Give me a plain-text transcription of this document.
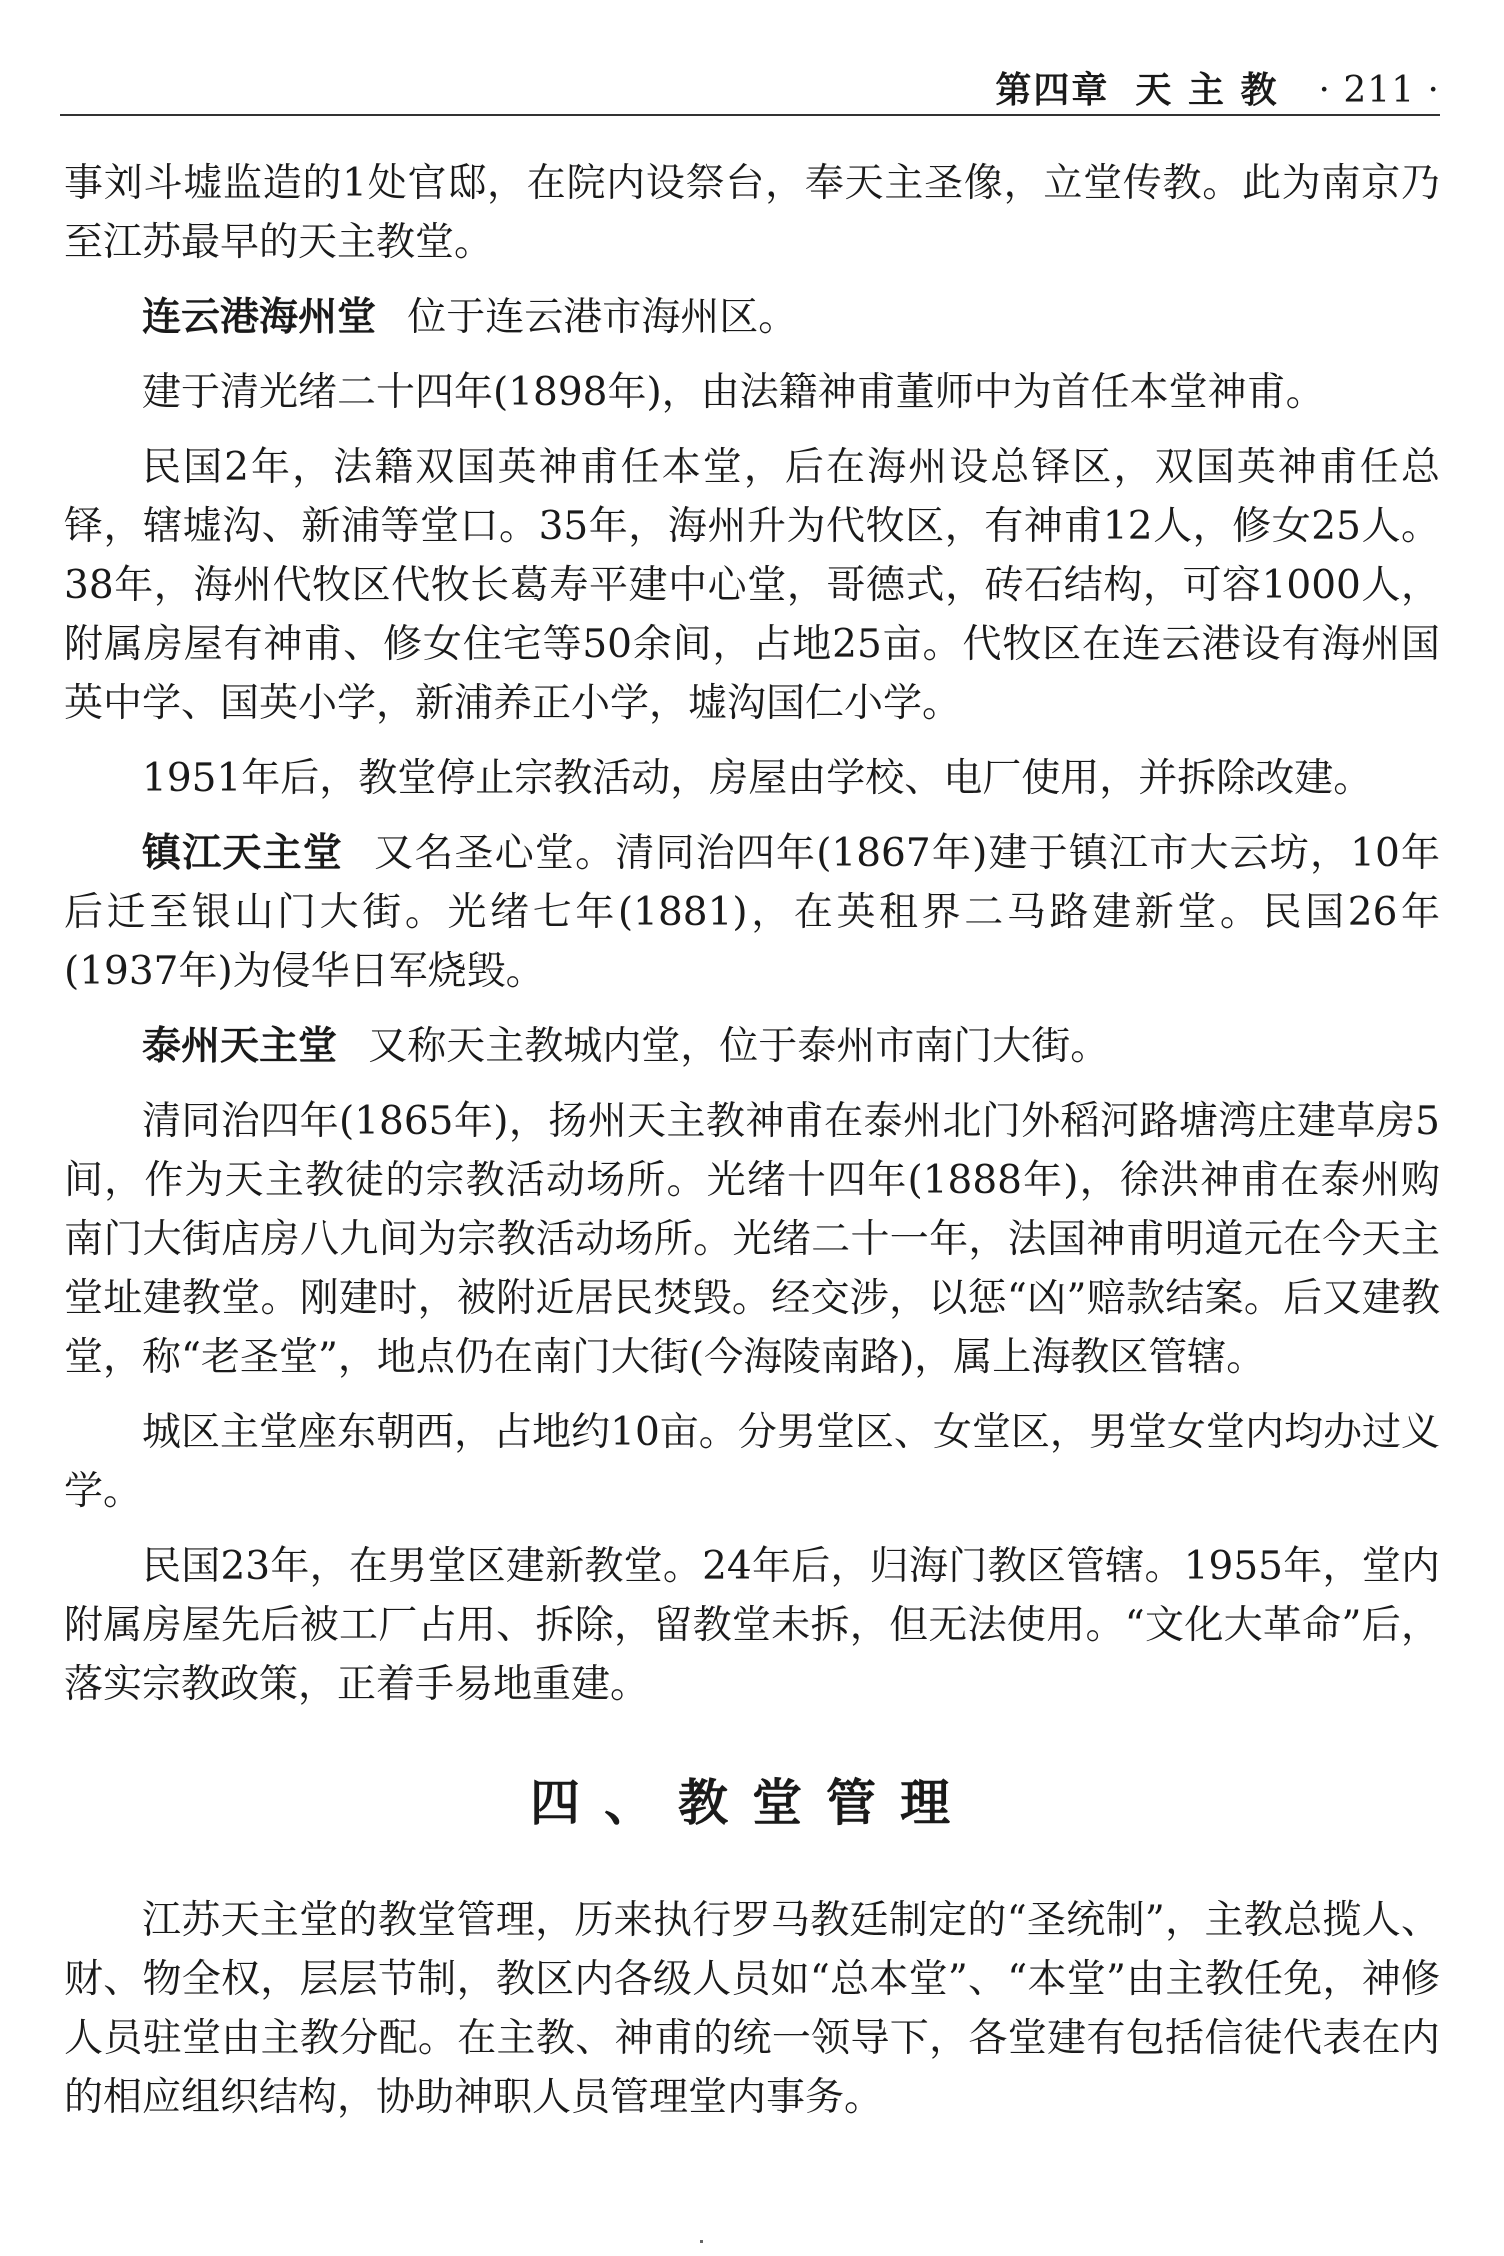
第四章 天 主 教 · 211 ·

事刘斗墟监造的1处官邸，在院内设祭台，奉天主圣像，立堂传教。此为南京乃至江苏最早的天主教堂。

连云港海州堂 位于连云港市海州区。

建于清光绪二十四年(1898年)，由法籍神甫董师中为首任本堂神甫。

民国2年，法籍双国英神甫任本堂，后在海州设总铎区，双国英神甫任总铎，辖墟沟、新浦等堂口。35年，海州升为代牧区，有神甫12人，修女25人。38年，海州代牧区代牧长葛寿平建中心堂，哥德式，砖石结构，可容1000人，附属房屋有神甫、修女住宅等50余间，占地25亩。代牧区在连云港设有海州国英中学、国英小学，新浦养正小学，墟沟国仁小学。

1951年后，教堂停止宗教活动，房屋由学校、电厂使用，并拆除改建。

镇江天主堂 又名圣心堂。清同治四年(1867年)建于镇江市大云坊，10年后迁至银山门大街。光绪七年(1881)，在英租界二马路建新堂。民国26年(1937年)为侵华日军烧毁。

泰州天主堂 又称天主教城内堂，位于泰州市南门大街。

清同治四年(1865年)，扬州天主教神甫在泰州北门外稻河路塘湾庄建草房5间，作为天主教徒的宗教活动场所。光绪十四年(1888年)，徐洪神甫在泰州购南门大街店房八九间为宗教活动场所。光绪二十一年，法国神甫明道元在今天主堂址建教堂。刚建时，被附近居民焚毁。经交涉，以惩“凶”赔款结案。后又建教堂，称“老圣堂”，地点仍在南门大街(今海陵南路)，属上海教区管辖。

城区主堂座东朝西，占地约10亩。分男堂区、女堂区，男堂女堂内均办过义学。

民国23年，在男堂区建新教堂。24年后，归海门教区管辖。1955年，堂内附属房屋先后被工厂占用、拆除，留教堂未拆，但无法使用。“文化大革命”后，落实宗教政策，正着手易地重建。

四、教堂管理

江苏天主堂的教堂管理，历来执行罗马教廷制定的“圣统制”，主教总揽人、财、物全权，层层节制，教区内各级人员如“总本堂”、“本堂”由主教任免，神修人员驻堂由主教分配。在主教、神甫的统一领导下，各堂建有包括信徒代表在内的相应组织结构，协助神职人员管理堂内事务。
